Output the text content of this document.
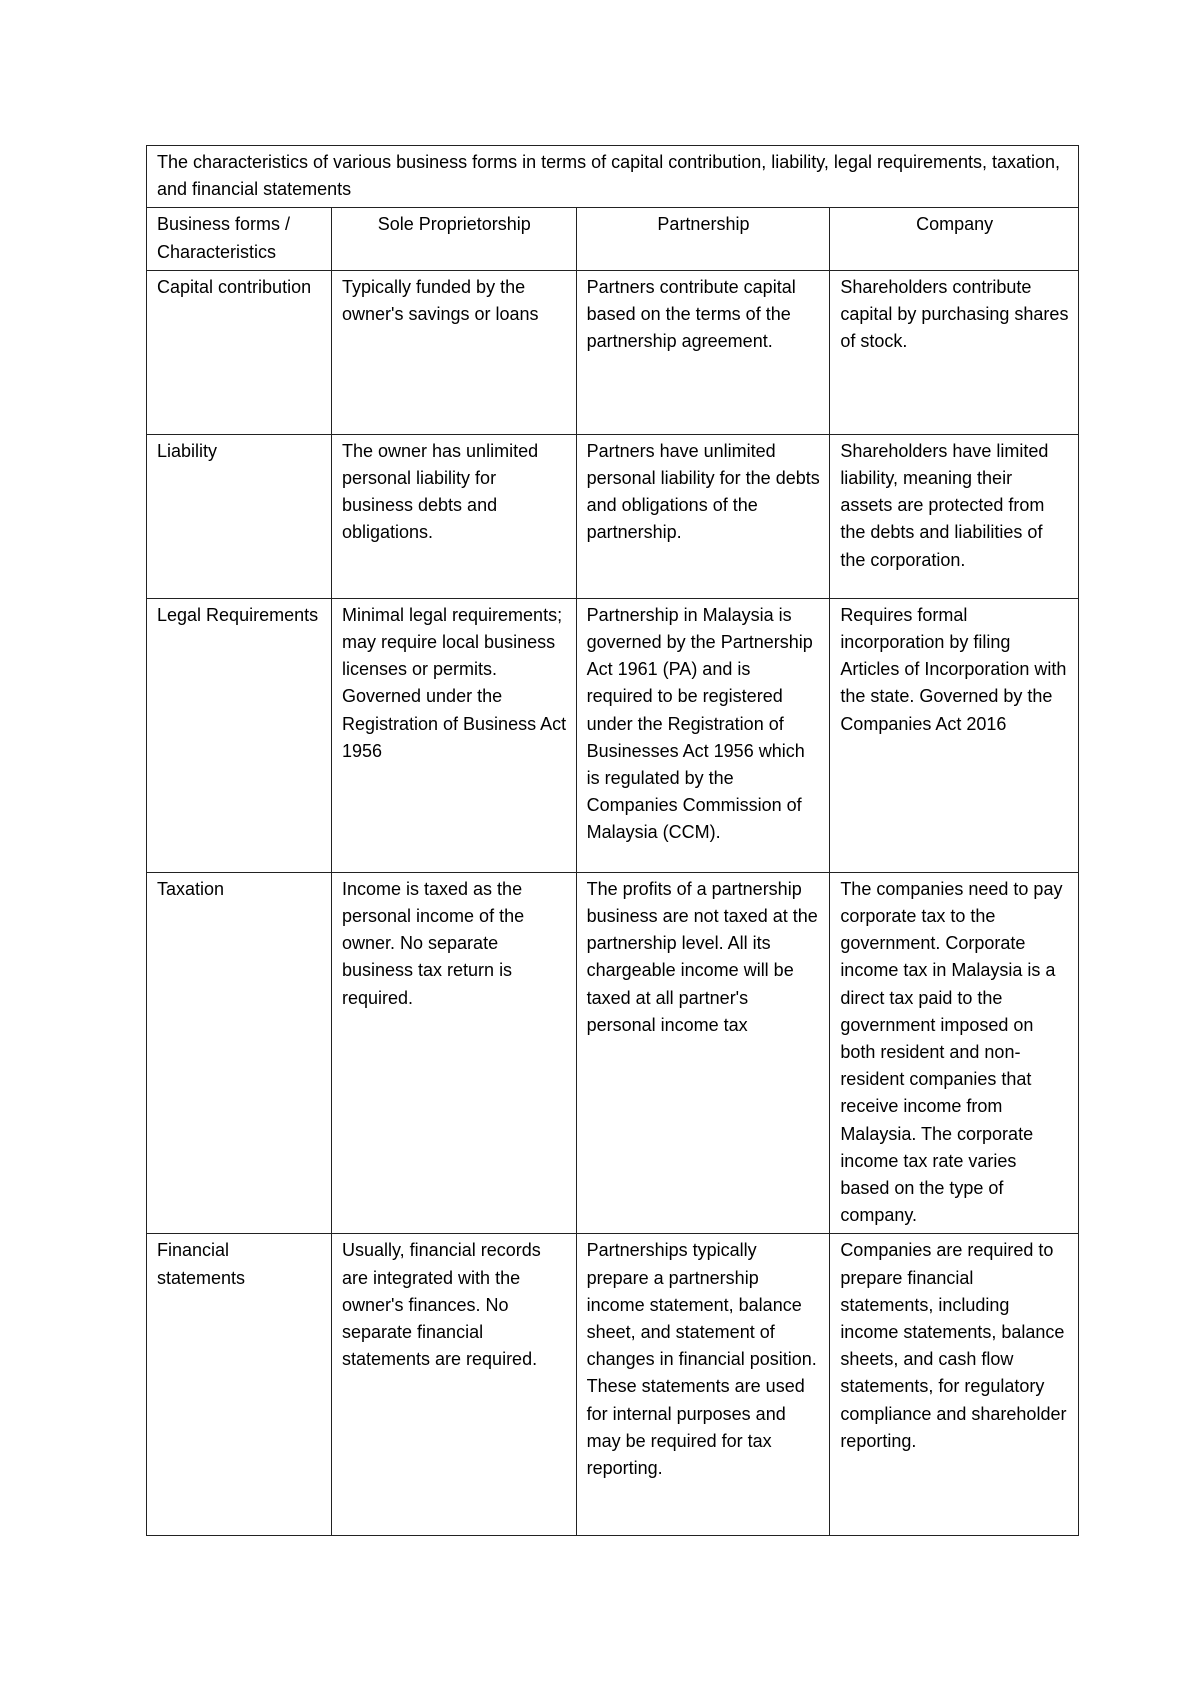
The characteristics of various business forms in terms of capital contribution, liability, legal requirements, taxation, and financial statements			
Business forms / Characteristics	Sole Proprietorship	Partnership	Company
Capital contribution	Typically funded by the owner's savings or loans	Partners contribute capital based on the terms of the partnership agreement.	Shareholders contribute capital by purchasing shares of stock.
Liability	The owner has unlimited personal liability for business debts and obligations.	Partners have unlimited personal liability for the debts and obligations of the partnership.	Shareholders have limited liability, meaning their assets are protected from the debts and liabilities of the corporation.
Legal Requirements	Minimal legal requirements; may require local business licenses or permits. Governed under the Registration of Business Act 1956	Partnership in Malaysia is governed by the Partnership Act 1961 (PA) and is required to be registered under the Registration of Businesses Act 1956 which is regulated by the Companies Commission of Malaysia (CCM).	Requires formal incorporation by filing Articles of Incorporation with the state. Governed by the Companies Act 2016
Taxation	Income is taxed as the personal income of the owner. No separate business tax return is required.	The profits of a partnership business are not taxed at the partnership level. All its chargeable income will be taxed at all partner's personal income tax	The companies need to pay corporate tax to the government. Corporate income tax in Malaysia is a direct tax paid to the government imposed on both resident and non-resident companies that receive income from Malaysia. The corporate income tax rate varies based on the type of company.
Financial statements	Usually, financial records are integrated with the owner's finances. No separate financial statements are required.	Partnerships typically prepare a partnership income statement, balance sheet, and statement of changes in financial position. These statements are used for internal purposes and may be required for tax reporting.	Companies are required to prepare financial statements, including income statements, balance sheets, and cash flow statements, for regulatory compliance and shareholder reporting.
